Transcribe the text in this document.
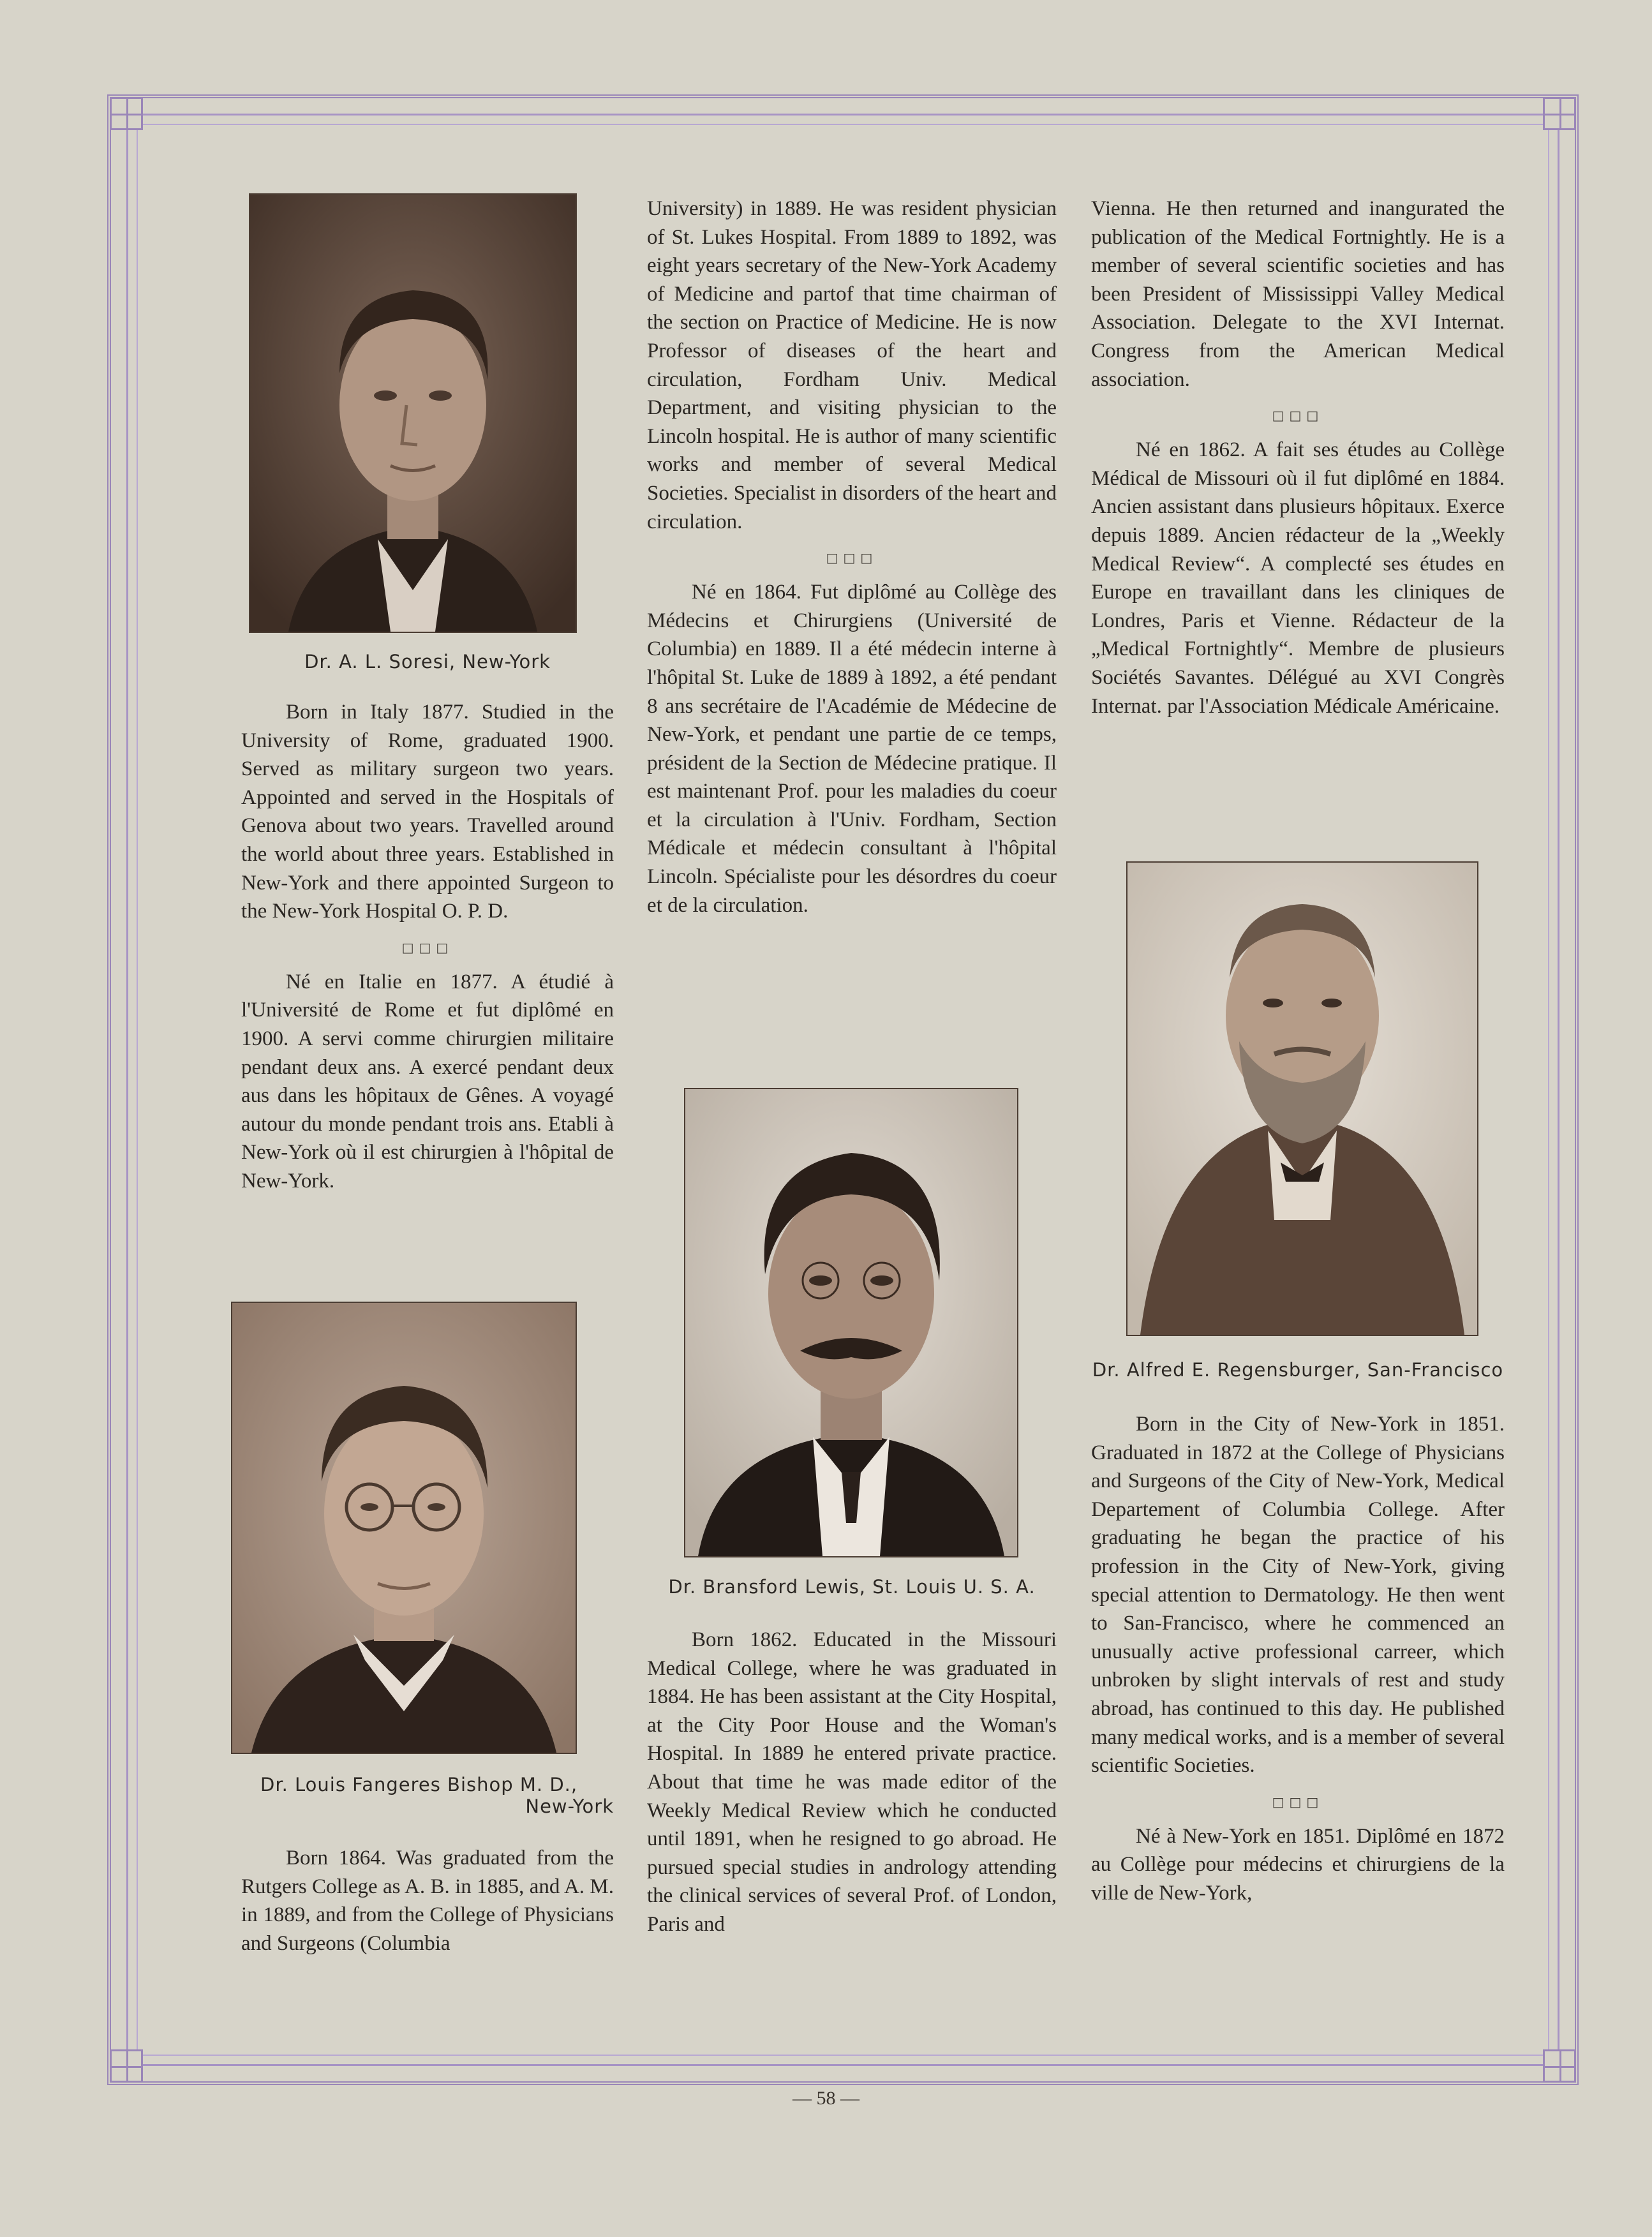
Dr. A. L. Soresi, New-York

Born in Italy 1877. Studied in the University of Rome, graduated 1900. Served as military surgeon two years. Appointed and served in the Hospitals of Genova about two years. Travelled around the world about three years. Established in New-York and there appointed Surgeon to the New-York Hospital O. P. D.

□□□

Né en Italie en 1877. A étudié à l'Université de Rome et fut diplômé en 1900. A servi comme chirurgien militaire pendant deux ans. A exercé pendant deux aus dans les hôpitaux de Gênes. A voyagé autour du monde pendant trois ans. Etabli à New-York où il est chirurgien à l'hôpital de New-York.

Dr. Louis Fangeres Bishop M. D.,
New-York

Born 1864. Was graduated from the Rutgers College as A. B. in 1885, and A. M. in 1889, and from the College of Physicians and Surgeons (Columbia

University) in 1889. He was resident physician of St. Lukes Hospital. From 1889 to 1892, was eight years secretary of the New-York Academy of Medicine and partof that time chairman of the section on Practice of Medicine. He is now Professor of diseases of the heart and circulation, Fordham Univ. Medical Department, and visiting physician to the Lincoln hospital. He is author of many scientific works and member of several Medical Societies. Specialist in disorders of the heart and circulation.

□□□

Né en 1864. Fut diplômé au Collège des Médecins et Chirurgiens (Université de Columbia) en 1889. Il a été médecin interne à l'hôpital St. Luke de 1889 à 1892, a été pendant 8 ans secrétaire de l'Académie de Médecine de New-York, et pendant une partie de ce temps, président de la Section de Médecine pratique. Il est maintenant Prof. pour les maladies du coeur et la circulation à l'Univ. Fordham, Section Médicale et médecin consultant à l'hôpital Lincoln. Spécialiste pour les désordres du coeur et de la circulation.

Dr. Bransford Lewis, St. Louis U. S. A.

Born 1862. Educated in the Missouri Medical College, where he was graduated in 1884. He has been assistant at the City Hospital, at the City Poor House and the Woman's Hospital. In 1889 he entered private practice. About that time he was made editor of the Weekly Medical Review which he conducted until 1891, when he resigned to go abroad. He pursued special studies in andrology attending the clinical services of several Prof. of London, Paris and

Vienna. He then returned and inangurated the publication of the Medical Fortnightly. He is a member of several scientific societies and has been President of Mississippi Valley Medical Association. Delegate to the XVI Internat. Congress from the American Medical association.

□□□

Né en 1862. A fait ses études au Collège Médical de Missouri où il fut diplômé en 1884. Ancien assistant dans plusieurs hôpitaux. Exerce depuis 1889. Ancien rédacteur de la „Weekly Medical Review“. A complecté ses études en Europe en travaillant dans les cliniques de Londres, Paris et Vienne. Rédacteur de la „Medical Fortnightly“. Membre de plusieurs Sociétés Savantes. Délégué au XVI Congrès Internat. par l'Association Médicale Américaine.

Dr. Alfred E. Regensburger, San-Francisco

Born in the City of New-York in 1851. Graduated in 1872 at the College of Physicians and Surgeons of the City of New-York, Medical Departement of Columbia College. After graduating he began the practice of his profession in the City of New-York, giving special attention to Dermatology. He then went to San-Francisco, where he commenced an unusually active professional carreer, which unbroken by slight intervals of rest and study abroad, has continued to this day. He published many medical works, and is a member of several scientific Societies.

□□□

Né à New-York en 1851. Diplômé en 1872 au Collège pour médecins et chirurgiens de la ville de New-York,

— 58 —
